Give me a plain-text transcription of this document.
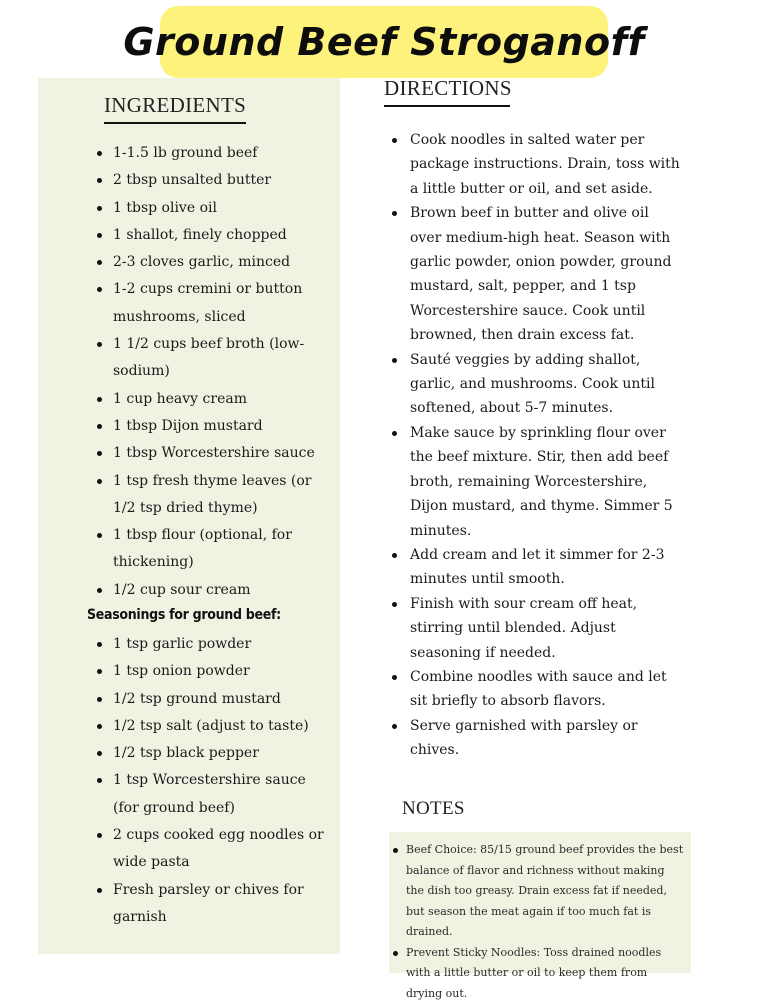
Ground Beef Stroganoff
INGREDIENTS
1-1.5 lb ground beef
2 tbsp unsalted butter
1 tbsp olive oil
1 shallot, finely chopped
2-3 cloves garlic, minced
1-2 cups cremini or button mushrooms, sliced
1 1/2 cups beef broth (low-sodium)
1 cup heavy cream
1 tbsp Dijon mustard
1 tbsp Worcestershire sauce
1 tsp fresh thyme leaves (or 1/2 tsp dried thyme)
1 tbsp flour (optional, for thickening)
1/2 cup sour cream
Seasonings for ground beef:
1 tsp garlic powder
1 tsp onion powder
1/2 tsp ground mustard
1/2 tsp salt (adjust to taste)
1/2 tsp black pepper
1 tsp Worcestershire sauce (for ground beef)
2 cups cooked egg noodles or wide pasta
Fresh parsley or chives for garnish
DIRECTIONS
Cook noodles in salted water per package instructions. Drain, toss with a little butter or oil, and set aside.
Brown beef in butter and olive oil over medium-high heat. Season with garlic powder, onion powder, ground mustard, salt, pepper, and 1 tsp Worcestershire sauce. Cook until browned, then drain excess fat.
Sauté veggies by adding shallot, garlic, and mushrooms. Cook until softened, about 5-7 minutes.
Make sauce by sprinkling flour over the beef mixture. Stir, then add beef broth, remaining Worcestershire, Dijon mustard, and thyme. Simmer 5 minutes.
Add cream and let it simmer for 2-3 minutes until smooth.
Finish with sour cream off heat, stirring until blended. Adjust seasoning if needed.
Combine noodles with sauce and let sit briefly to absorb flavors.
Serve garnished with parsley or chives.
NOTES
Beef Choice: 85/15 ground beef provides the best balance of flavor and richness without making the dish too greasy. Drain excess fat if needed, but season the meat again if too much fat is drained.
Prevent Sticky Noodles: Toss drained noodles with a little butter or oil to keep them from drying out.
